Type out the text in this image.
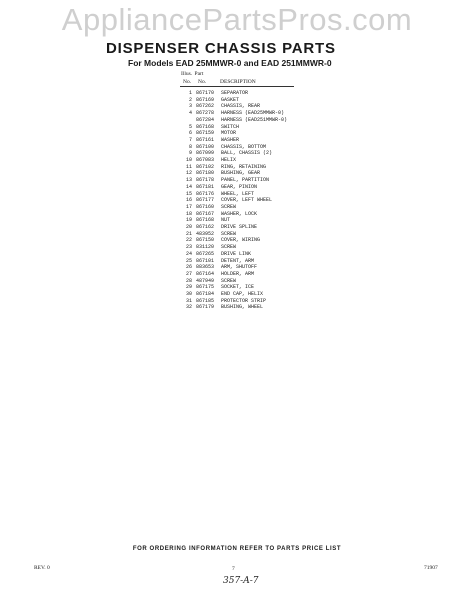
AppliancePartsPros.com
DISPENSER CHASSIS PARTS
For Models EAD 25MMWR-0 and EAD 251MMWR-0
Illus. Part
No. No.	DESCRIPTION
1 867170 SEPARATOR
2 867169 GASKET
3 867262 CHASSIS, REAR
4 867278 HARNESS (EAD25MMWR-0)
867284 HARNESS (EAD251MMWR-0)
5 867168 SWITCH
6 867159 MOTOR
7 867161 WASHER
8 867100 CHASSIS, BOTTOM
9 867099 BALL, CHASSIS (2)
10 867083 HELIX
11 867102 RING, RETAINING
12 867180 BUSHING, GEAR
13 867178 PANEL, PARTITION
14 867181 GEAR, PINION
15 867176 WHEEL, LEFT
16 867177 COVER, LEFT WHEEL
17 867160 SCREW
18 867167 WASHER, LOCK
19 867168 NUT
20 867162 DRIVE SPLINE
21 483952 SCREW
22 867150 COVER, WIRING
23 831120 SCREW
24 867265 DRIVE LINK
25 867101 DETENT, ARM
26 883653 ARM, SHUTOFF
27 867164 HOLDER, ARM
28 487949 SCREW
29 867175 SOCKET, ICE
30 867184 END CAP, HELIX
31 867185 PROTECTOR STRIP
32 867179 BUSHING, WHEEL
FOR ORDERING INFORMATION REFER TO PARTS PRICE LIST
REV. 0	7	71907
357-A-7
